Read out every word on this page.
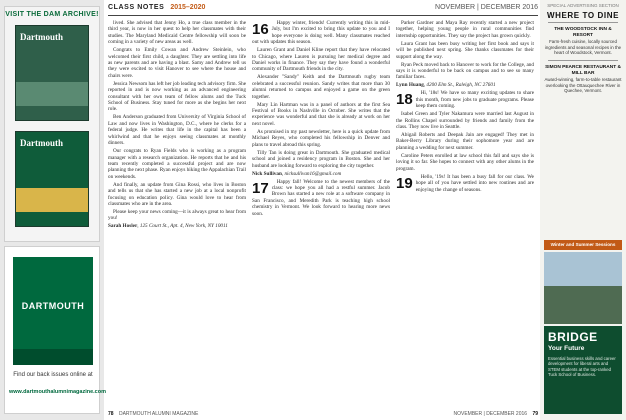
VISIT THE DAM ARCHIVE!
Dartmouth
Dartmouth
DARTMOUTH
Find our back issues online at
www.dartmouthalumnimagazine.com
CLASS NOTES 2015–2020	NOVEMBER | DECEMBER 2016

lived. She advised that Jenny Ho, a true class member in the third year, is now in her quest to help her classmates with their studies. The Maryland Medicaid Centre fellowship will soon be coming in a variety of new areas as well.

Congrats to Emily Cowan and Andrew Steinlein, who welcomed their first child, a daughter. They are settling into life as new parents and are having a blast. Samy and Andrew tell us they were excited to visit Hanover to see where the house and chairs were.

Jessica Newsom has left her job leading tech advisory firm. She reported in and is now working as an advanced engineering consultant with her own team of fellow alums and the Tuck School of Business. Stay tuned for more as she begins her next role.

Ben Anderson graduated from University of Virginia School of Law and now lives in Washington, D.C., where he clerks for a federal judge. He writes that life in the capital has been a whirlwind and that he enjoys seeing classmates at monthly dinners.

Our congrats to Ryan Fields who is working as a program manager with a research organization. He reports that he and his team recently completed a successful project and are now planning the next phase. Ryan enjoys hiking the Appalachian Trail on weekends.

And finally, an update from Gina Rossi, who lives in Boston and tells us that she has started a new job at a local nonprofit focusing on education policy. Gina would love to hear from classmates who are in the area.

Please keep your news coming—it is always great to hear from you!

Sarah Hosler, 125 Court St., Apt. 4, New York, NY 10011

16	Happy winter, friends! Currently writing this in mid-July, but I'm excited to bring this update to you and I hope everyone is doing well. Many classmates reached out with updates this season.

Lauren Grant and Daniel Kline report that they have relocated to Chicago, where Lauren is pursuing her medical degree and Daniel works in finance. They say they have found a wonderful community of Dartmouth friends in the city.

Alexander "Sandy" Keith and the Dartmouth rugby team celebrated a successful reunion. Sandy writes that more than 30 alumni returned to campus and enjoyed a game on the green together.

Mary Lin Hartman was in a panel of authors at the first Sea Festival of Books in Nashville in October. She writes that the experience was wonderful and that she is already at work on her next novel.

As promised in my past newsletter, here is a quick update from Michael Reyes, who completed his fellowship in Denver and plans to travel abroad this spring.

Tilly Tan is doing great in Dartmouth. She graduated medical school and joined a residency program in Boston. She and her husband are looking forward to exploring the city together.

Nick Sullivan, nicksullivan16@gmail.com

17	Happy fall! Welcome to the newest members of the class: we hope you all had a restful summer. Jacob Brown has started a new role at a software company in San Francisco, and Meredith Park is teaching high school chemistry in Vermont. We look forward to hearing more news soon.

Parker Gardner and Maya Ray recently started a new project together, helping young people in rural communities find internship opportunities. They say the project has grown quickly.

Laura Grant has been busy writing her first book and says it will be published next spring. She thanks classmates for their support along the way.

Ryan Peck moved back to Hanover to work for the College, and says it is wonderful to be back on campus and to see so many familiar faces.

Lynn Huang, 4200 Elm St., Raleigh, NC 27601

18	Hi, '18s! We have so many exciting updates to share this month, from new jobs to graduate programs. Please keep them coming.

Isabel Green and Tyler Nakamura were married last August in the Rollins Chapel surrounded by friends and family from the class. They now live in Seattle.

Abigail Roberts and Deepak Jain are engaged! They met in Baker-Berry Library during their sophomore year and are planning a wedding for next summer.

Caroline Peters enrolled at law school this fall and says she is loving it so far. She hopes to connect with any other alums in the program.

19	Hello, '19s! It has been a busy fall for our class. We hope all of you have settled into new routines and are enjoying the change of seasons.

SPECIAL ADVERTISING SECTION
WHERE TO DINE
THE WOODSTOCK INN & RESORT
Farm-fresh cuisine, locally sourced ingredients and seasonal recipes in the heart of Woodstock, Vermont.
SIMON PEARCE RESTAURANT & MILL BAR
Award-winning, farm-to-table restaurant overlooking the Ottauquechee River in Quechee, Vermont.
Winter and Summer Sessions
BRIDGE
Your Future
Essential business skills and career development for liberal arts and STEM students at the top-ranked Tuck School of Business.
78 DARTMOUTH ALUMNI MAGAZINE	NOVEMBER | DECEMBER 2016 79
